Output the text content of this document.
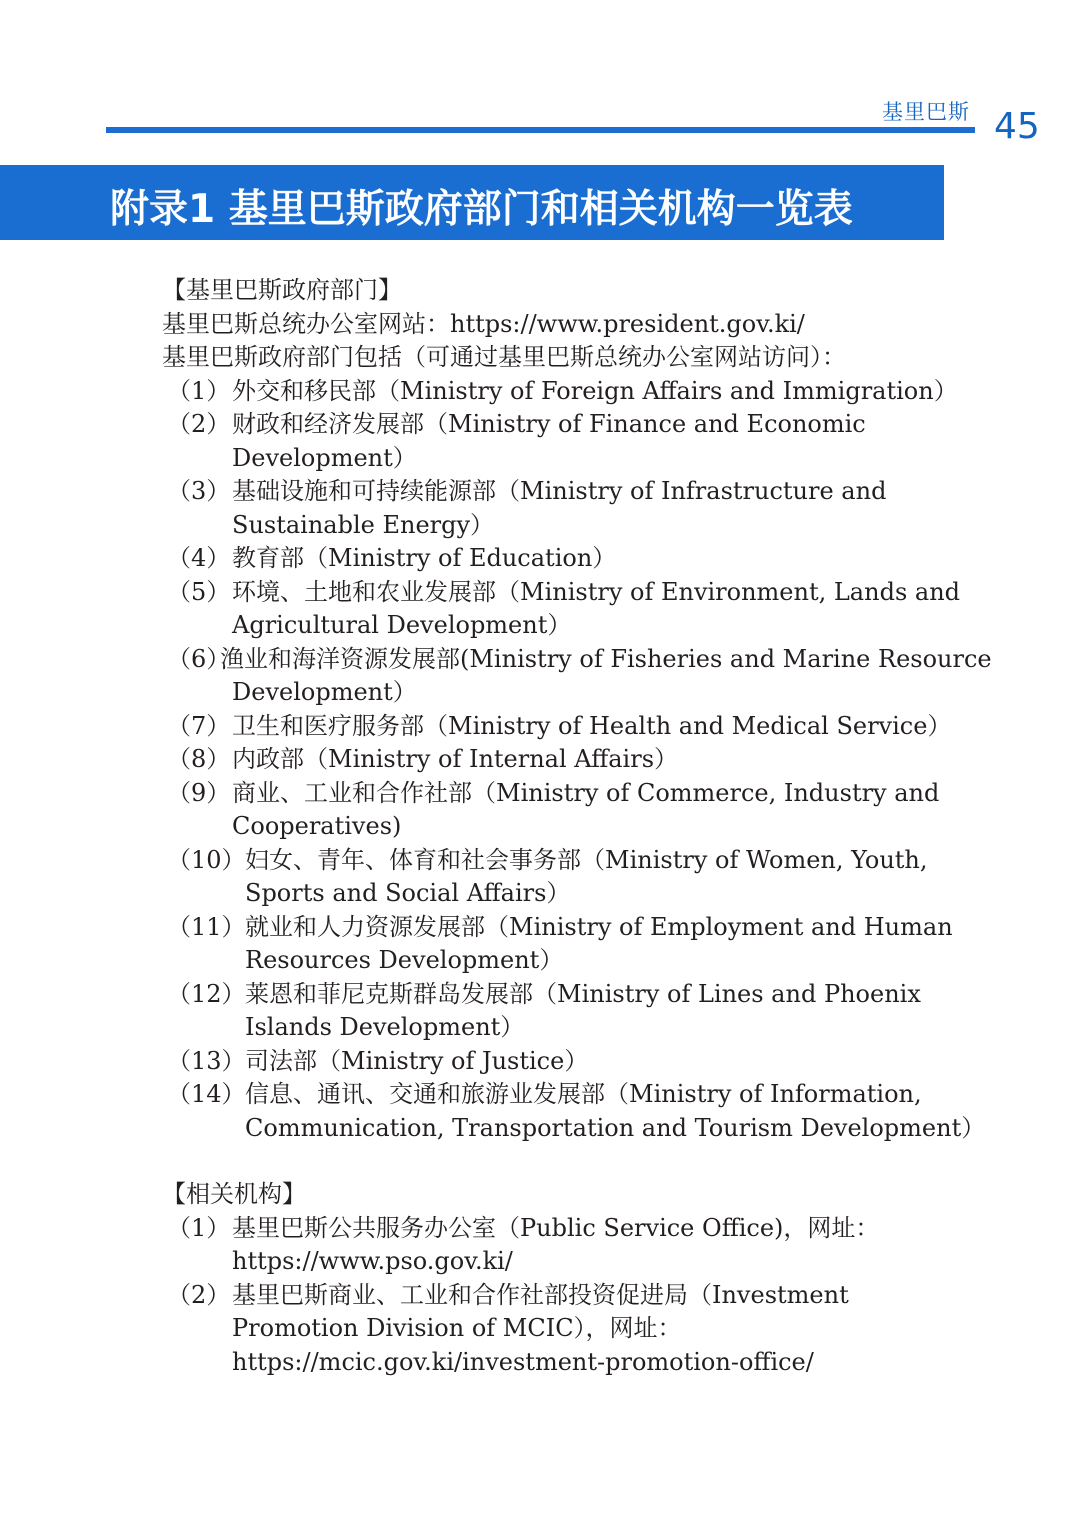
基里巴斯 45
附录1 基里巴斯政府部门和相关机构一览表
【基里巴斯政府部门】
基里巴斯总统办公室网站：https://www.president.gov.ki/
基里巴斯政府部门包括（可通过基里巴斯总统办公室网站访问）：
（1） 外交和移民部（Ministry of Foreign Affairs and Immigration）
（2） 财政和经济发展部（Ministry of Finance and Economic
Development）
（3） 基础设施和可持续能源部（Ministry of Infrastructure and
Sustainable Energy）
（4） 教育部（Ministry of Education）
（5） 环境、土地和农业发展部（Ministry of Environment, Lands and
Agricultural Development）
（6）
渔业和海洋资源发展部(Ministry of Fisheries and Marine Resource
Development）
（7） 卫生和医疗服务部（Ministry of Health and Medical Service）
（8） 内政部（Ministry of Internal Affairs）
（9） 商业、工业和合作社部（Ministry of Commerce, Industry and
Cooperatives)
（10） 妇女、青年、体育和社会事务部（Ministry of Women, Youth,
Sports and Social Affairs）
（11） 就业和人力资源发展部（Ministry of Employment and Human
Resources Development）
（12） 莱恩和菲尼克斯群岛发展部（Ministry of Lines and Phoenix
Islands Development）
（13） 司法部（Ministry of Justice）
（14） 信息、通讯、交通和旅游业发展部（Ministry of Information,
Communication, Transportation and Tourism Development）
【相关机构】
（1） 基里巴斯公共服务办公室（Public Service Office)，网址：
https://www.pso.gov.ki/
（2） 基里巴斯商业、工业和合作社部投资促进局（Investment
Promotion Division of MCIC），网址：
https://mcic.gov.ki/investment-promotion-office/
